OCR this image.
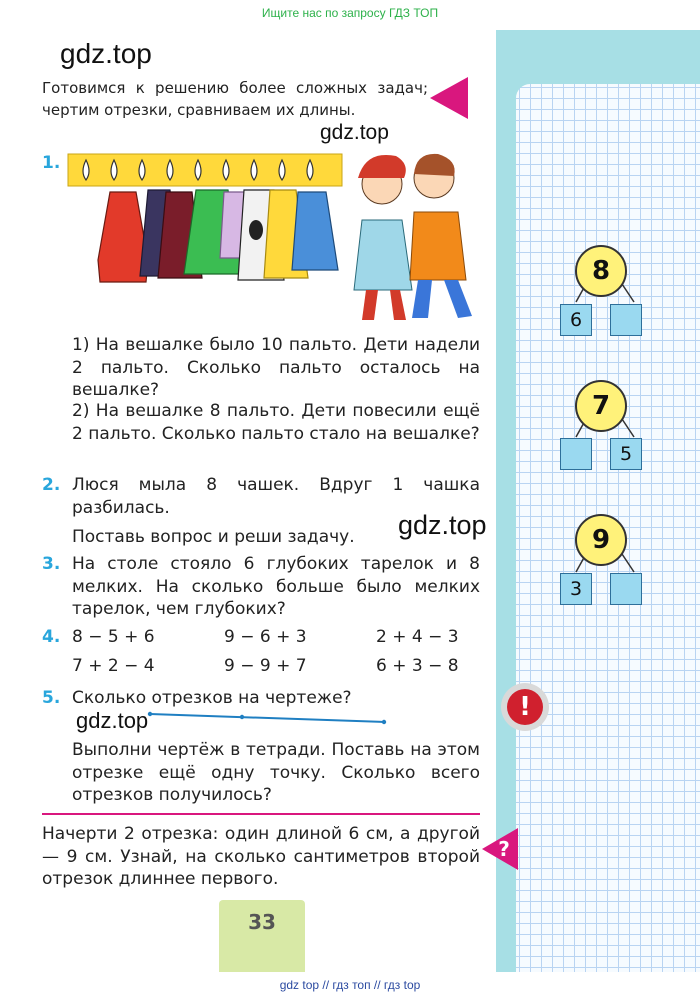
Ищите нас по запросу ГДЗ ТОП
gdz.top
gdz.top
gdz.top
gdz.top
Готовимся к решению более сложных задач; чертим отрезки, сравниваем их длины.
1.
1) На вешалке было 10 пальто. Дети надели 2 пальто. Сколько пальто осталось на вешалке?
2) На вешалке 8 пальто. Дети повесили ещё 2 пальто. Сколько пальто стало на вешалке?
2. Люся мыла 8 чашек. Вдруг 1 чашка разбилась.
Поставь вопрос и реши задачу.
3. На столе стояло 6 глубоких тарелок и 8 мелких. На сколько больше было мелких тарелок, чем глубоких?
4. 8 − 5 + 6	9 − 6 + 3	2 + 4 − 3
7 + 2 − 4	9 − 9 + 7	6 + 3 − 8
5. Сколько отрезков на чертеже?
Выполни чертёж в тетради. Поставь на этом отрезке ещё одну точку. Сколько всего отрезков получилось?
!
Начерти 2 отрезка: один длиной 6 см, а другой — 9 см. Узнай, на сколько сантиметров второй отрезок длиннее первого.
?
8
6
7
5
9
3
33
gdz top // гдз топ // гдз top
